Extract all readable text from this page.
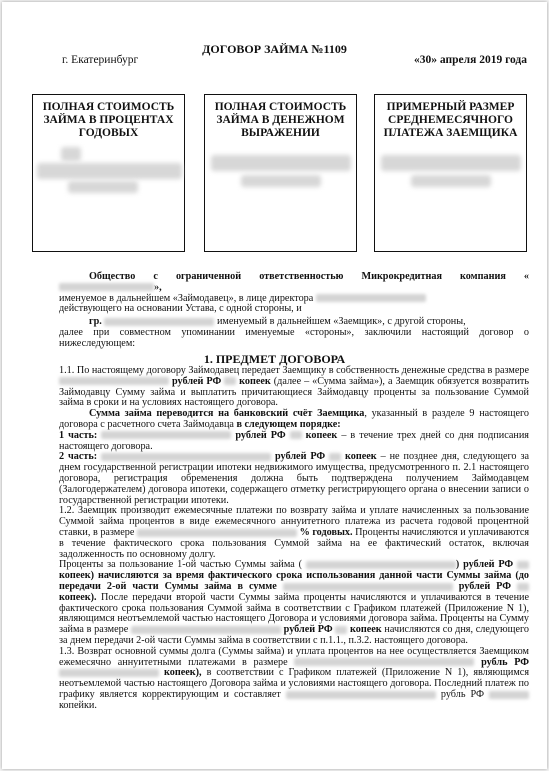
ДОГОВОР ЗАЙМА №1109
г. Екатеринбург	«30» апреля 2019 года
ПОЛНАЯ СТОИМОСТЬ ЗАЙМА В ПРОЦЕНТАХ ГОДОВЫХ
ПОЛНАЯ СТОИМОСТЬ ЗАЙМА В ДЕНЕЖНОМ ВЫРАЖЕНИИ
ПРИМЕРНЫЙ РАЗМЕР СРЕДНЕМЕСЯЧНОГО ПЛАТЕЖА ЗАЕМЩИКА
Общество с ограниченной ответственностью Микрокредитная компания «»,
именуемое в дальнейшем «Займодавец», в лице директора
действующего на основании Устава, с одной стороны, и
гр.	именуемый в дальнейшем «Заемщик», с другой стороны,
далее при совместном упоминании именуемые «стороны», заключили настоящий договор о нижеследующем:
1. ПРЕДМЕТ ДОГОВОРА
1.1. По настоящему договору Займодавец передает Заемщику в собственность денежные средства в размере  рублей РФ копеек (далее – «Сумма займа»), а Заемщик обязуется возвратить Займодавцу Сумму займа и выплатить причитающиеся Займодавцу проценты за пользование Суммой займа в сроки и на условиях настоящего договора.
Сумма займа переводится на банковский счёт Заемщика, указанный в разделе 9 настоящего договора с расчетного счета Займодавца в следующем порядке:
1 часть:	рублей РФ копеек – в течение трех дней со дня подписания настоящего договора.
2 часть:	рублей РФ копеек – не позднее дня, следующего за днем государственной регистрации ипотеки недвижимого имущества, предусмотренного п. 2.1 настоящего договора, регистрация обременения должна быть подтверждена получением Займодавцем (Залогодержателем) договора ипотеки, содержащего отметку регистрирующего органа о внесении записи о государственной регистрации ипотеки.
1.2. Заемщик производит ежемесячные платежи по возврату займа и уплате начисленных за пользование Суммой займа процентов в виде ежемесячного аннуитетного платежа из расчета годовой процентной ставки, в размере	% годовых. Проценты начисляются и уплачиваются в течение фактического срока пользования Суммой займа на ее фактический остаток, включая задолженность по основному долгу.
Проценты за пользование 1-ой частью Суммы займа (	) рублей РФ  копеек) начисляются за время фактического срока использования данной части Суммы займа (до передачи 2-ой части Суммы займа в сумме	рублей РФ  копеек). После передачи второй части Суммы займа проценты начисляются и уплачиваются в течение фактического срока пользования Суммой займа в соответствии с Графиком платежей (Приложение N 1), являющимся неотъемлемой частью настоящего Договора и условиями договора займа. Проценты на Сумму займа в размере	рублей РФ копеек начисляются со дня, следующего за днем передачи 2-ой части Суммы займа в соответствии с п.1.1., п.3.2. настоящего договора.
1.3. Возврат основной суммы долга (Суммы займа) и уплата процентов на нее осуществляется Заемщиком ежемесячно аннуитетными платежами в размере	рубль РФ  копеек), в соответствии с Графиком платежей (Приложение N 1), являющимся неотъемлемой частью настоящего Договора займа и условиями настоящего договора. Последний платеж по графику является корректирующим и составляет	рубль РФ  копейки.
